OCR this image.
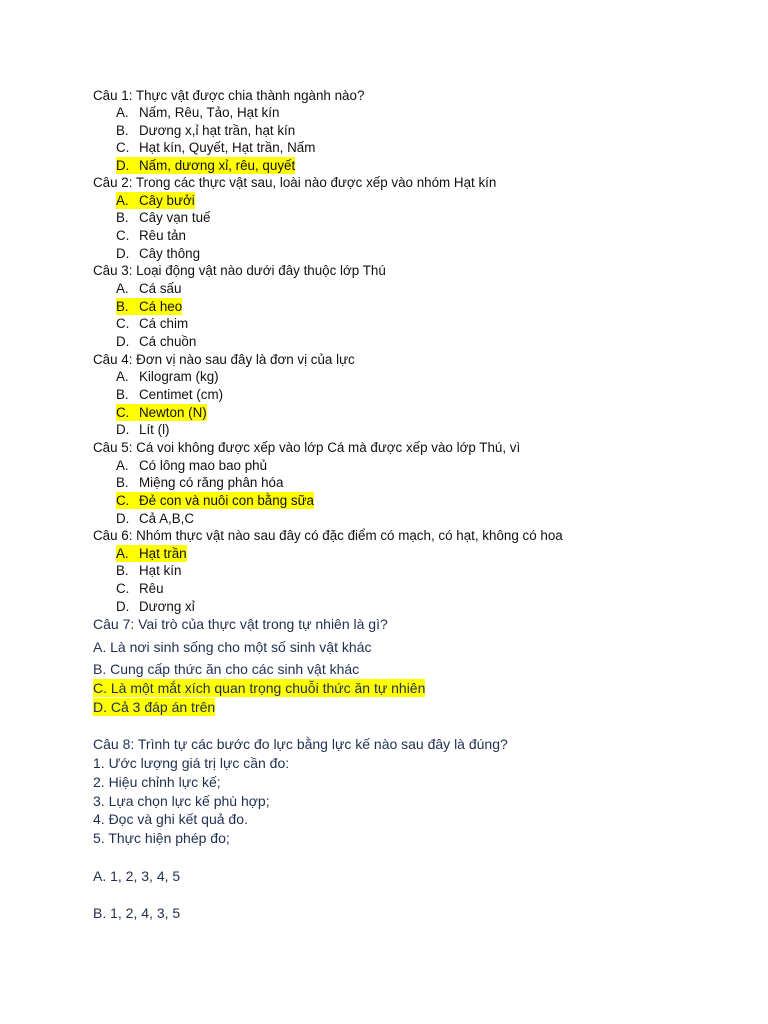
Câu 1: Thực vật được chia thành ngành nào?
A. Nấm, Rêu, Tảo, Hạt kín
B. Dương x,ỉ hạt trần, hạt kín
C. Hạt kín, Quyết, Hạt trần, Nấm
D. Nấm, dương xỉ, rêu, quyết
Câu 2: Trong các thực vật sau, loài nào được xếp vào nhóm Hạt kín
A. Cây bưởi
B. Cây vạn tuế
C. Rêu tản
D. Cây thông
Câu 3: Loại động vật nào dưới đây thuộc lớp Thú
A. Cá sấu
B. Cá heo
C. Cá chim
D. Cá chuồn
Câu 4: Đơn vị nào sau đây là đơn vị của lực
A. Kilogram (kg)
B. Centimet (cm)
C. Newton (N)
D. Lít (l)
Câu 5: Cá voi không được xếp vào lớp Cá mà được xếp vào lớp Thú, vì
A. Có lông mao bao phủ
B. Miệng có răng phân hóa
C. Đẻ con và nuôi con bằng sữa
D. Cả A,B,C
Câu 6: Nhóm thực vật nào sau đây có đặc điểm có mạch, có hạt, không có hoa
A. Hạt trần
B. Hạt kín
C. Rêu
D. Dương xỉ
Câu 7: Vai trò của thực vật trong tự nhiên là gì?
A. Là nơi sinh sống cho một số sinh vật khác
B. Cung cấp thức ăn cho các sinh vật khác
C. Là một mắt xích quan trọng chuỗi thức ăn tự nhiên
D. Cả 3 đáp án trên
Câu 8: Trình tự các bước đo lực bằng lực kế nào sau đây là đúng?
1. Ước lượng giá trị lực cần đo:
2. Hiệu chỉnh lực kế;
3. Lựa chọn lực kế phù hợp;
4. Đọc và ghi kết quả đo.
5. Thực hiện phép đo;
A. 1, 2, 3, 4, 5
B. 1, 2, 4, 3, 5
